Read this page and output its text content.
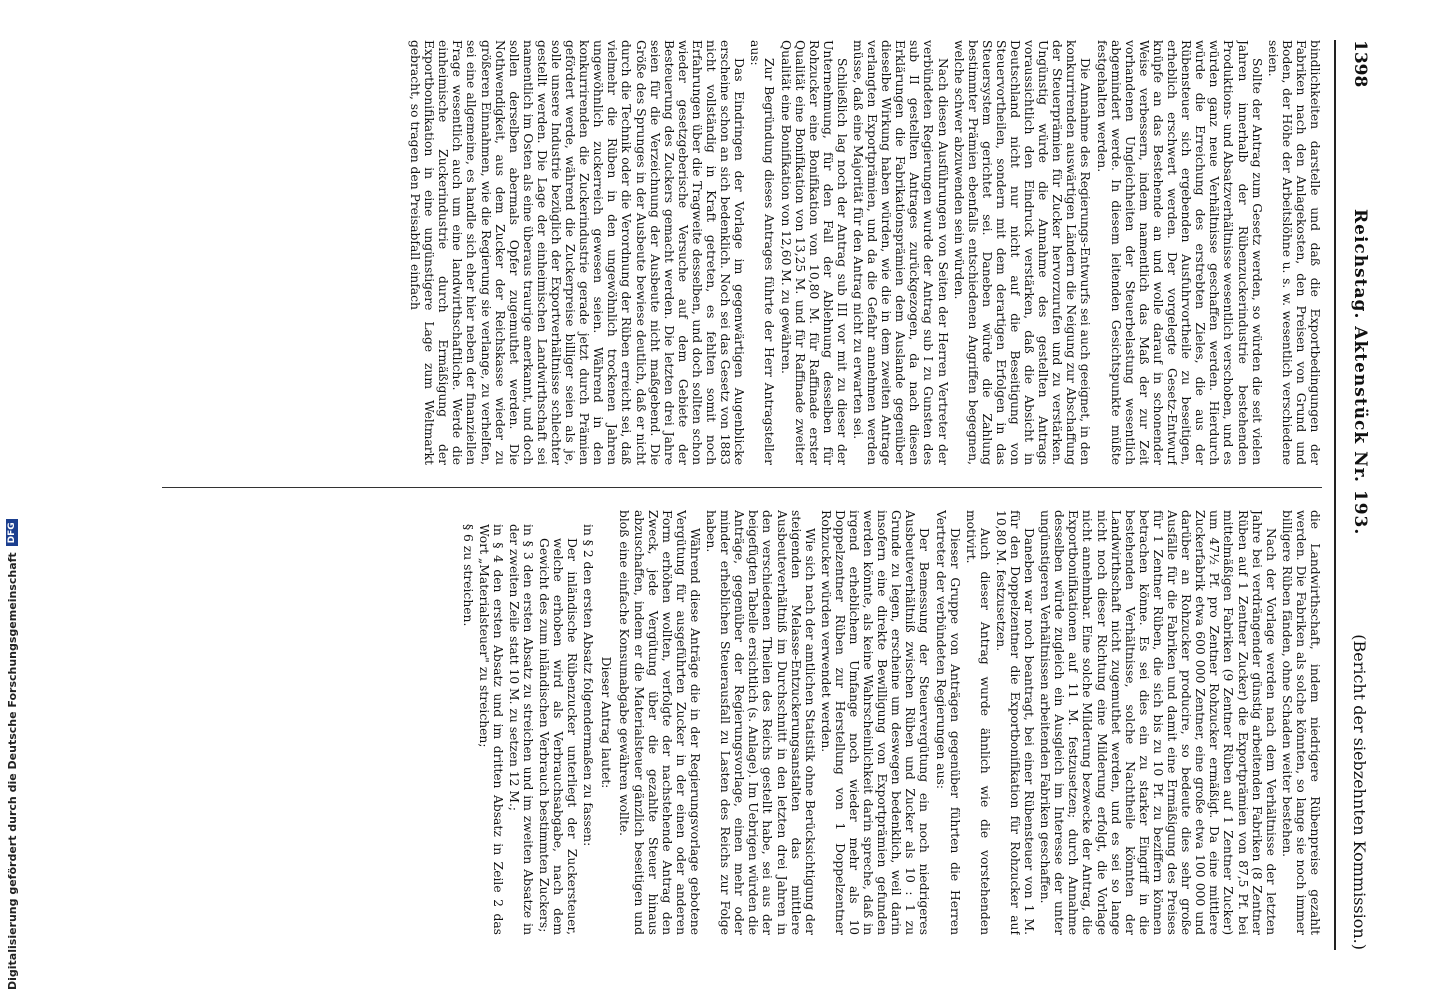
1398
Reichstag. Aktenstück Nr. 193.
(Bericht der siebzehnten Kommission.)

bindlichkeiten darstelle und daß die Exportbedingungen der Fabriken nach den Anlagekosten, den Preisen von Grund und Boden, der Höhe der Arbeitslöhne u. s. w. wesentlich verschiedene seien.

Sollte der Antrag zum Gesetz werden, so würden die seit vielen Jahren innerhalb der Rübenzuckerindustrie bestehenden Produktions- und Absatzverhältnisse wesentlich verschoben, und es würden ganz neue Verhältnisse geschaffen werden. Hierdurch würde die Erreichung des erstrebten Zieles, die aus der Rübensteuer sich ergebenden Ausfuhrvortheile zu beseitigen, erheblich erschwert werden. Der vorgelegte Gesetz-Entwurf knüpfe an das Bestehende an und wolle darauf in schonender Weise verbessern, indem namentlich das Maß der zur Zeit vorhandenen Ungleichheiten der Steuerbelastung wesentlich abgemindert werde. In diesem leitenden Gesichtspunkte müßte festgehalten werden.

Die Annahme des Regierungs-Entwurfs sei auch geeignet, in den konkurrirenden auswärtigen Ländern die Neigung zur Abschaffung der Steuerprämien für Zucker hervorzurufen und zu verstärken. Ungünstig würde die Annahme des gestellten Antrags voraussichtlich den Eindruck verstärken, daß die Absicht in Deutschland nicht nur nicht auf die Beseitigung von Steuervortheilen, sondern mit dem derartigen Erfolgen in das Steuersystem gerichtet sei. Daneben würde die Zahlung bestimmter Prämien ebenfalls entschiedenen Angriffen begegnen, welche schwer abzuwenden sein würden.

Nach diesen Ausführungen von Seiten der Herren Vertreter der verbündeten Regierungen wurde der Antrag sub I zu Gunsten des sub II gestellten Antrages zurückgezogen, da nach diesen Erklärungen die Fabrikationsprämien dem Auslande gegenüber dieselbe Wirkung haben würden, wie die in dem zweiten Antrage verlangten Exportprämien, und da die Gefahr annehmen werden müsse, daß eine Majorität für den Antrag nicht zu erwarten sei.

Schließlich lag noch der Antrag sub III vor mit zu dieser der Unternehmung, für den Fall der Ablehnung desselben für Rohzucker eine Bonifikation von 10,80 M. für Raffinade erster Qualität eine Bonifikation von 13,25 M. und für Raffinade zweiter Qualität eine Bonifikation von 12,60 M. zu gewähren.

Zur Begründung dieses Antrages führte der Herr Antragsteller aus:

Das Eindringen der Vorlage im gegenwärtigen Augenblicke erscheine schon an sich bedenklich. Noch sei das Gesetz von 1883 nicht vollständig in Kraft getreten, es fehlten somit noch Erfahrungen über die Tragweite desselben, und doch sollten schon wieder gesetzgeberische Versuche auf dem Gebiete der Besteuerung des Zuckers gemacht werden. Die letzten drei Jahre seien für die Verzeichnung der Ausbeute nicht maßgebend. Die Größe des Sprunges in der Ausbeute bewiese deutlich, daß er nicht durch die Technik oder die Verordnung der Rüben erreicht sei, daß vielmehr die Rüben in den ungewöhnlich trockenen Jahren ungewöhnlich zuckerreich gewesen seien. Während in den konkurrirenden die Zuckerindustrie gerade jetzt durch Prämien gefördert werde, während die Zuckerpreise billiger seien als je, solle unsere Industrie bezüglich der Exportverhältnisse schlechter gestellt werden. Die Lage der einheimischen Landwirthschaft sei namentlich im Osten als eine überaus traurige anerkannt, und doch sollen derselben abermals Opfer zugemuthet werden. Die Nothwendigkeit, aus dem Zucker der Reichskasse wieder zu größeren Einnahmen, wie die Regierung sie verlange, zu verhelfen, sei eine allgemeine, es handle sich eher hier neben der finanziellen Frage wesentlich auch um eine landwirthschaftliche. Werde die einheimische Zuckerindustrie durch Ermäßigung der Exportbonifikation in eine ungünstigere Lage zum Weltmarkt gebracht, so tragen den Preisabfall einfach

die Landwirthschaft, indem niedrigere Rübenpreise gezahlt werden. Die Fabriken als solche könnten, so lange sie noch immer billigere Rüben fänden, ohne Schaden weiter bestehen.

Nach der Vorlage werden nach dem Verhältnisse der letzten Jahre bei verdrängender günstig arbeitenden Fabriken (8 Zentner Rüben auf 1 Zentner Zucker) die Exportprämien von 87,5 Pf. bei mittelmäßigen Fabriken (9 Zentner Rüben auf 1 Zentner Zucker) um 47½ Pf. pro Zentner Rohzucker ermäßigt. Da eine mittlere Zuckerfabrik etwa 600 000 Zentner, eine große etwa 100 000 und darüber an Rohzucker producire, so bedeute dies sehr große Ausfälle für die Fabriken und damit eine Ermäßigung des Preises für 1 Zentner Rüben, die sich bis zu 10 Pf. zu beziffern können betrachen könne. Es sei dies ein zu starker Eingriff in die bestehenden Verhältnisse, solche Nachtheile könnten der Landwirthschaft nicht zugemuthet werden, und es sei so lange nicht noch dieser Richtung eine Milderung erfolgt, die Vorlage nicht annehmbar. Eine solche Milderung bezwecke der Antrag, die Exportbonifikationen auf 11 M. festzusetzen; durch Annahme desselben würde zugleich ein Ausgleich im Interesse der unter ungünstigeren Verhältnissen arbeitenden Fabriken geschaffen.

Daneben war noch beantragt, bei einer Rübensteuer von 1 M. für den Doppelzentner die Exportbonifikation für Rohzucker auf 10,80 M. festzusetzen.

Auch dieser Antrag wurde ähnlich wie die vorstehenden motivirt.

Dieser Gruppe von Anträgen gegenüber führten die Herren Vertreter der verbündeten Regierungen aus:

Der Bemessung der Steuervergütung ein noch niedrigeres Ausbeuteverhältniß zwischen Rüben und Zucker als 10 : 1 zu Grunde zu legen, erscheine um deswegen bedenklich, weil darin insofern eine direkte Bewilligung von Exportprämien gefunden werden könnte, als keine Wahrscheinlichkeit darin spreche, daß in irgend erheblichem Umfange noch wieder mehr als 10 Doppelzentner Rüben zur Herstellung von 1 Doppelzentner Rohzucker würden verwendet werden.

Wie sich nach der amtlichen Statistik ohne Berücksichtigung der steigenden Melasse-Entzuckerungsanstalten das mittlere Ausbeuteverhältniß im Durchschnitt in den letzten drei Jahren in den verschiedenen Theilen des Reichs gestellt habe, sei aus der beigefügten Tabelle ersichtlich (s. Anlage). Im Uebrigen würden die Anträge, gegenüber der Regierungsvorlage, einen mehr oder minder erheblichen Steuerausfall zu Lasten des Reichs zur Folge haben.

Während diese Anträge die in der Regierungsvorlage gebotene Vergütung für ausgeführten Zucker in der einen oder anderen Form erhöhen wollten, verfolgte der nachstehende Antrag den Zweck, jede Vergütung über die gezahlte Steuer hinaus abzuschaffen, indem er die Materialsteuer gänzlich beseitigen und bloß eine einfache Konsumabgabe gewähren wollte.

Dieser Antrag lautet:

in § 2 den ersten Absatz folgendermaßen zu fassen:

Der inländische Rübenzucker unterliegt der Zuckersteuer, welche erhoben wird als Verbrauchsabgabe, nach dem Gewicht des zum inländischen Verbrauch bestimmten Zuckers;

in § 3 den ersten Absatz zu streichen und im zweiten Absatze in der zweiten Zeile statt 10 M. zu setzen 12 M.;

in § 4 den ersten Absatz und im dritten Absatz in Zeile 2 das Wort „Materialsteuer" zu streichen;

§ 6 zu streichen.

Digitalisierung gefördert durch die Deutsche Forschungsgemeinschaft
DFG
